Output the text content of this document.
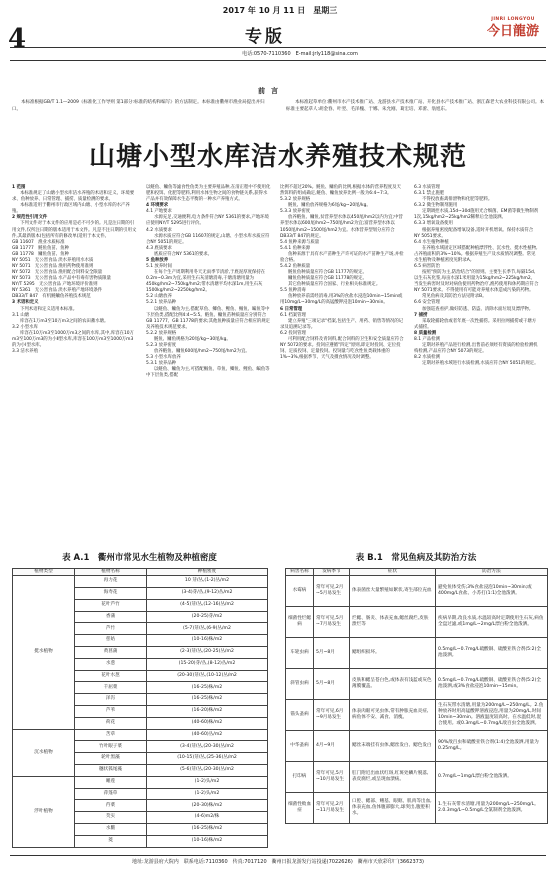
2017 年 10 月 11 日　星期三
4	专版
JINRI LONGYOU
今日龍游
电话:0570-7110360　E-mail:jrly118@sina.com
前言
本标准根据GB/T 1.1—2009《标准化工作导则 第1部分:标准的结构和编写》的方法制定。本标准由衢州市渔业局提出并归口。
本标准起草单位:衢州市水产技术推广站、龙游县水产技术推广站、开化县水产技术推广站、浙江森老大农业科技有限公司。本标准主要起草人:胡金春、叶翌、毛泽槐、于娜、朱允刚、葛宏培、邓蕾、翁旭东。
山塘小型水库洁水养殖技术规范

1 范围

本标准规定了山塘小型水库洁水养殖的术语和定义、环境要求、鱼种放养、日常管理、捕捞、质量检测的要求。

本标准适用于衢州市行政区域内山塘、小型水库的水产养殖。

2 规范性引用文件

下列文件对于本文件的应用是必不可少的。凡是注日期的引用文件,仅所注日期的版本适用于本文件。凡是不注日期的引用文件,其最新版本(包括所有的修改单)适用于本文件。

GB 11607　渔业水质标准

GB 11777　鲢鱼鱼苗、鱼种

GB 11778　鳙鱼鱼苗、鱼种

NY 5051　无公害食品 淡水养殖用水水质

NY 5071　无公害食品 渔用药物使用准则

NY 5072　无公害食品 渔用配合饲料安全限量

NY 5073　无公害食品 水产品中有毒有害物质限量

NY/T 5295　无公害食品 产地环境评价准则

NY 5361　无公害食品 淡水养殖产地环境条件

DB33/T 847　有机鲢鳙鱼养殖技术规范

3 术语和定义

下列术语和定义适用本标准。

3.1 山塘

库容在1万m3至10万m3之间的农田蓄水塘。

3.2 小型水库

库容在10万m3至1000万m3之间的水库,其中,库容在10万m3至100万m3的为小Ⅱ型水库,库容在100万m3至1000万m3的为小Ⅰ型水库。

3.3 洁水养殖

以鲢鱼、鳙鱼等滤食性鱼类为主要养殖品种,在清正程中不使用化肥和投饵、化肥等肥料,利用水体生物之间的食物链关系,获得水产品并有效保障水生态平衡的一种水产养殖方式。

4 环境要求

4.1 产地要求

水源充足,交通便利,电力条件符合NY 5361的要求,产地环境应使用NY/T 5295进行评价。

4.2 水质要求

水源水质应符合GB 11607的规定,山塘、小型水库水质应符合NY 5051的规定。

4.3 底质要求

底质应符合NY 5361的要求。

5 鱼种放养

5.1 放养时间

在每个生产周期利用冬天无雨季节清淤,于底泥厚度保持在0.2m~0.3m为宜,采用生石灰清塘消毒,干塘清塘用量为450kg/hm2~750kg/hm2;带水清塘平均水深1m,用生石灰1500kg/hm2~2250kg/hm2。

5.2 山塘放养

5.2.1 放养品种

以鲢鱼、鳙鱼为主,搭配草鱼、鲫鱼、鲤鱼、鲴鱼、鳊鱼等中下层鱼类,搭配比例4:4~5:5。鲢鱼、鳙鱼苗种质量应分别符合GB 11777、GB 11778的要求;其他鱼种质量应符合相应的规定及养殖技术规范要求。

5.2.2 放养规格

鲢鱼、鳙鱼规格为20尾/kg~30尾/kg。

5.2.3 放养密度

放养鲢鱼、鳙鱼600尾/hm2~750尾/hm2为宜。

5.3 小型水库放养

5.3.1 放养品种

以鲢鱼、鳙鱼为主,可搭配鲴鱼、草鱼、鲫鱼、鲤鱼、鳊鱼等中下层鱼类,搭配

比例不超过20%。鲢鱼、鳙鱼的比例,根据水体的营养程度及天然饵料的组成确定,鲢鱼、鳙鱼放养比例一般为6:4~7:3。

5.3.2 放养规格

鲢鱼、鳙鱼放养规格为6尾/kg~20尾/kg。

5.3.3 放养密度

放养鲢鱼、鳙鱼,贫营养型水体以450尾/hm2以内为宜;中营养型水体以600尾/hm2~750尾/hm2为宜;富营养型水体以1050尾/hm2~1500尾/hm2为宜。水体营养型划分应符合DB33/T 847的规定。

5.4 鱼种来源与质量

5.4.1 鱼种来源

鱼种来源于具有水产苗种生产许可证的水产苗种生产场,并检验合格。

5.4.2 鱼种质量

鲢鱼鱼种质量应符合GB 11777的规定。

鳙鱼鱼种质量应符合GB 11778的规定。

其它鱼种质量应符合国家、行业相关标准规定。

5.5 鱼种消毒

鱼种放养前需经消毒,用3%的食盐水浸泡10min~15min或用10mg/L~30mg/L的高锰酸钾浸泡10min~30min。

6 日常管理

6.1 档案管理

建立养殖"三项记录"档案,包括生产、用药、销售等情况的记录及追溯记录等。

6.2 投饲管理

可利用配合饲料及青饲料,配合饲料的卫生和安全质量应符合NY 5072的要求。投饲应遵循"四定"原则,即定时投饲、定位投饲、定质投饲、定量投饲。投饲量与吃食性鱼类载体重的1%~3%,根据季节、天气及摄食情况及时调整。

6.3 水质管理

6.3.1 禁止施肥

不得投放畜禽排泄物和化肥等肥料。

6.3.2 微生物制剂施用

定期调控水质,15d~30d施用光合细菌、EM菌等微生物制剂1次,15kg/hm2~25kg/hm2稀释后全池泼洒。

6.3.3 增氧设备使用

根据养殖密度配备增氧设备,适时开机增氧。保持水质符合NY 5051要求。

6.4 水生植物种植

在养殖水域固定区域搭配种植漂浮性、沉水性、挺水性植物,占养殖面积的3%~10%。根据养殖生产及水质情况调整。常见水生植物及种植密度见附录A。

6.5 病害防治

按照"预防为主,防治结合"的原则。主要生长季节,每隔15d,以生石灰化浆,每亩水深1米用量为15kg/hm2~225kg/hm2。当发生病害时及时对病鱼使用药物治疗,渔药使用和休药期应符合NY 5071要求。不得使用有可能对养殖水体造成污染的药物。

常见鱼病及其防治方法见附录B。

6.6 安全管理

加强巡查看护,做好防逃、防盗、清除水面垃圾及漂浮物。

7 捕捞

采取轮捕轮放或者年底一次性捕捞。采用拉网捕捞或干塘方式捕捞。

8 质量检测

8.1 产品检测

定期对养殖产品进行检测,出售前必须经有资质的检验检测机构检测,产品应符合NY 5073的规定。

8.2 水质检测

定期对养殖水域进行水质检测,水质应符合NY 5051的规定。

表 A.1　衢州市常见水生植物及种植密度
植物类型	植物名称	种植密度
挺水植物	再力花	10 芽/丛,(1-2)丛/m2
	海寿花	(3-4)芽/丛,(9-12)丛/m2
	花叶芦竹	(4-5)芽/丛,(12-16)丛/m2
	香蒲	(20-25)芽/m2
	芦竹	(5-7)芽/丛,(6-9)丛/m2
	慈姑	(10-16)株/m2
	黄菖蒲	(2-3)芽/丛,(20-25)丛/m2
	水葱	(15-20)芽/丛,(8-12)丛/m2
	花叶水葱	(20-30)芽/丛,(10-12)丛/m2
	千屈菜	(16-25)株/m2
	泽泻	(16-25)株/m2
	芦苇	(16-20)株/m2
	荷花	(40-60)株/m2
沉水植物	苦草	(40-60)丛/m2
	竹叶眼子菜	(3-4)芽/丛,(20-30)丛/m2
	轮叶黑藻	(10-15)芽/丛,(25-36)丛/m2
	穗状狐尾藻	(5-6)芽/丛,(20-30)丛/m2
浮叶植物	睡莲	(1-2)头/m2
	萍蓬草	(1-2)头/m2
	荇菜	(20-30)株/m2
	芡实	(4-6)m2/株
	水鳖	(16-25)株/m2
	菱	(10-16)株/m2
表 B.1　常见鱼病及其防治方法
病害名称	发病季节	症状	防治方法
水霉病	常年可见,2月~5月易发生	体表菌丝大量繁殖如絮状,寄生部位充血	避免鱼体受伤;3%食盐浸泡10min~30min;或400mg/L食盐、小苏打(1:1)全池泼洒。
细菌性烂鳃病	常年可见,5月~7月易发生	烂鳃、肠炎、体表充血,鳃丝腐烂,皮肤溃烂等	疾病早期,改良水质,水温较高时定期使用生石灰,病鱼全盘过滤,或1mg/L~2mg/L漂白粉全池泼洒。
车轮虫病	5月~8月	鳃组织损坏。	0.5mg/L~0.7mg/L硫酸铜、硫酸亚铁合剂(5:2)全池泼洒。
斜管虫病	5月~8月	皮肤和鳃呈苍白色,或体表有浅蓝或灰色薄膜覆盖。	0.5mg/L~0.7mg/L硫酸铜、硫酸亚铁合剂(5:2)全池泼洒,或3%食盐浸泡10min~15min。
锚头蚤病	常年可见,6月~9月易发生	体表肉眼可见虫体,常有肿胀充血炎症,病鱼体不安、减食、消瘦。	生石灰带水清塘,用量为200mg/L~250mg/L。2.鱼种放养时用高锰酸钾溶液浸泡,用量为20mg/L,时间10min~30min。溶液温度较高时。在水温低时,混合使用。或0.3mg/L~0.7mg/L敌百虫全池泼洒。
中华蚤病	4月~9月	鳃丝末端挂有虫体,鳃丝发白、鳃色发白	90%敌百虫和硫酸亚铁合剂(1:4)全池泼洒,用量为0.25mg/L。
打印病	常年可见,5月~10月易发生	肛门附近出血状红斑,红斑处鳞片脱落,表皮腐烂,或呈现血溃疡。	0.7mg/L~1mg/L漂白粉全池泼洒。
细菌性败血症	常年可见,2月~11月易发生	口腔、鳃部、鳍基、眼眶、肌肉等出血,体表充血,鱼体腹部膨大,球突出,腹腔积水。	1.生石灰带水清塘,用量为200mg/L~250mg/L。2.0.3mg/L~0.5mg/L全氯制剂全池泼洒。
地址:龙游县府大院内　联系电话:7110360　传真:7017120　衢州日报龙游发行站投递(7022626)　衢州市天欣彩印厂(3662373)
